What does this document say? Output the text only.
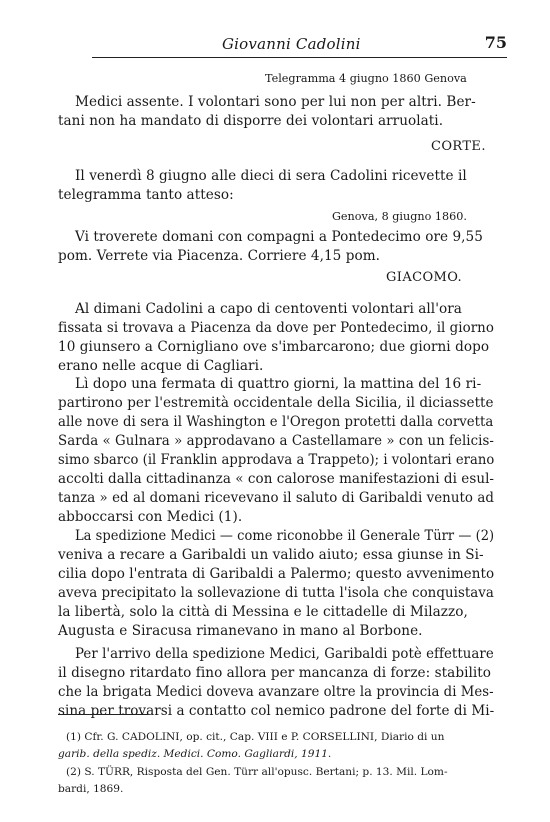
Giovanni Cadolini	75
Telegramma 4 giugno 1860 Genova
Medici assente. I volontari sono per lui non per altri. Ber-
tani non ha mandato di disporre dei volontari arruolati.
CORTE.
Il venerdì 8 giugno alle dieci di sera Cadolini ricevette il
telegramma tanto atteso:
Genova, 8 giugno 1860.
Vi troverete domani con compagni a Pontedecimo ore 9,55
pom. Verrete via Piacenza. Corriere 4,15 pom.
GIACOMO.
Al dimani Cadolini a capo di centoventi volontari all'ora
fissata si trovava a Piacenza da dove per Pontedecimo, il giorno
10 giunsero a Cornigliano ove s'imbarcarono; due giorni dopo
erano nelle acque di Cagliari.
Lì dopo una fermata di quattro giorni, la mattina del 16 ri-
partirono per l'estremità occidentale della Sicilia, il diciassette
alle nove di sera il Washington e l'Oregon protetti dalla corvetta
Sarda « Gulnara » approdavano a Castellamare » con un felicis-
simo sbarco (il Franklin approdava a Trappeto); i volontari erano
accolti dalla cittadinanza « con calorose manifestazioni di esul-
tanza » ed al domani ricevevano il saluto di Garibaldi venuto ad
abboccarsi con Medici (1).
La spedizione Medici — come riconobbe il Generale Türr — (2)
veniva a recare a Garibaldi un valido aiuto; essa giunse in Si-
cilia dopo l'entrata di Garibaldi a Palermo; questo avvenimento
aveva precipitato la sollevazione di tutta l'isola che conquistava
la libertà, solo la città di Messina e le cittadelle di Milazzo,
Augusta e Siracusa rimanevano in mano al Borbone.
Per l'arrivo della spedizione Medici, Garibaldi potè effettuare
il disegno ritardato fino allora per mancanza di forze: stabilito
che la brigata Medici doveva avanzare oltre la provincia di Mes-
sina per trovarsi a contatto col nemico padrone del forte di Mi-
(1) Cfr. G. CADOLINI, op. cit., Cap. VIII e P. CORSELLINI, Diario di un
garib. della spediz. Medici. Como. Gagliardi, 1911.
(2) S. TÜRR, Risposta del Gen. Türr all'opusc. Bertani; p. 13. Mil. Lom-
bardi, 1869.
